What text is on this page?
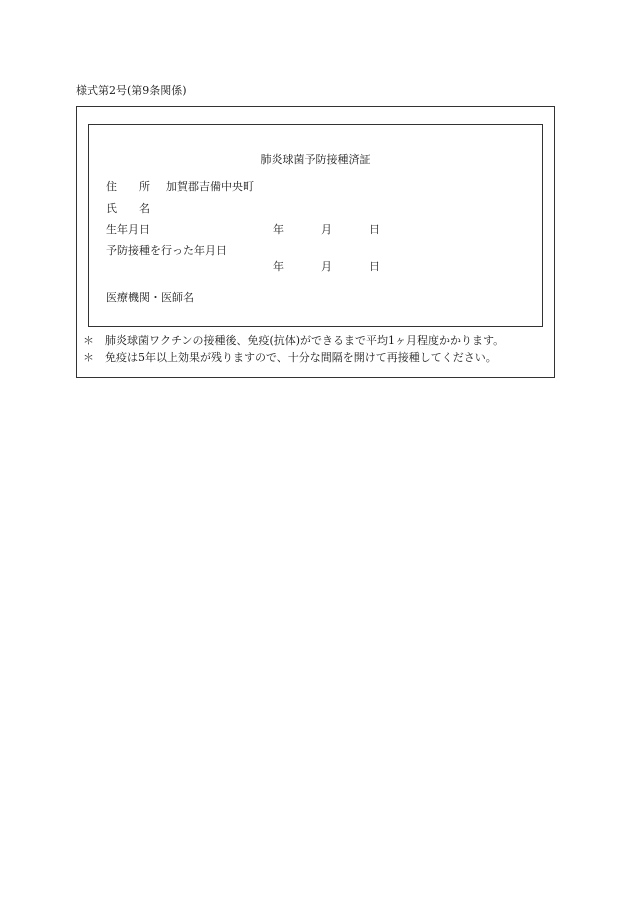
様式第2号(第9条関係)
肺炎球菌予防接種済証
住　　所 加賀郡吉備中央町
氏　　名
生年月日	年	月	日
予防接種を行った年月日
年	月	日
医療機関・医師名
＊ 肺炎球菌ワクチンの接種後、免疫(抗体)ができるまで平均1ヶ月程度かかります。
＊ 免疫は5年以上効果が残りますので、十分な間隔を開けて再接種してください。
